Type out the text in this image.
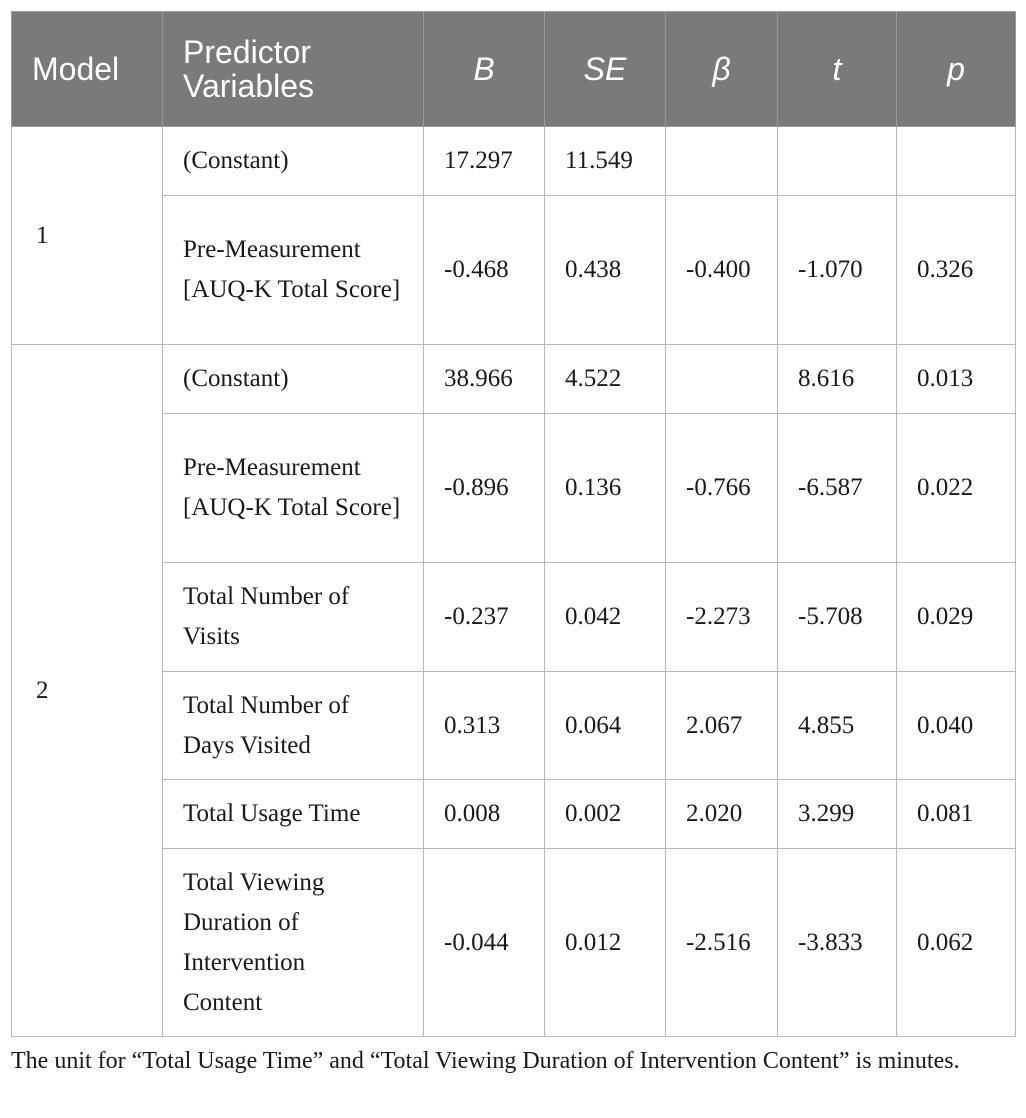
Model	Predictor Variables	B	SE	β	t	p
1	(Constant)	17.297	11.549			

	Pre-Measurement [AUQ-K Total Score]	-0.468	0.438	-0.400	-1.070	0.326
2	(Constant)	38.966	4.522		8.616	0.013

	Pre-Measurement [AUQ-K Total Score]	-0.896	0.136	-0.766	-6.587	0.022

	Total Number of Visits	-0.237	0.042	-2.273	-5.708	0.029

	Total Number of Days Visited	0.313	0.064	2.067	4.855	0.040
	Total Usage Time	0.008	0.002	2.020	3.299	0.081

	Total Viewing Duration of Intervention Content	-0.044	0.012	-2.516	-3.833	0.062
The unit for “Total Usage Time” and “Total Viewing Duration of Intervention Content” is minutes.
